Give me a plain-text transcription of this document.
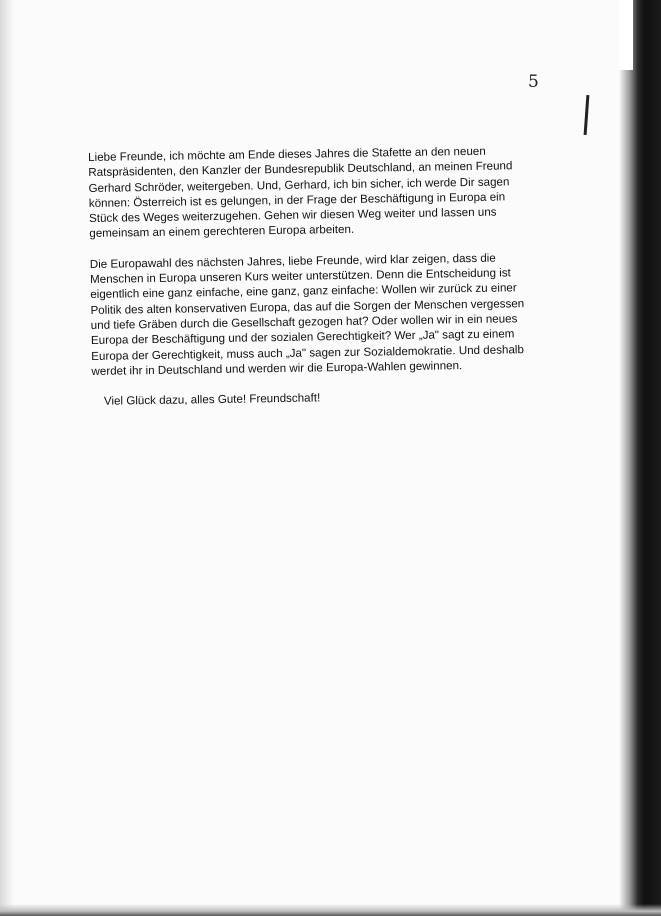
5

Liebe Freunde, ich möchte am Ende dieses Jahres die Stafette an den neuen
Ratspräsidenten, den Kanzler der Bundesrepublik Deutschland, an meinen Freund
Gerhard Schröder, weitergeben. Und, Gerhard, ich bin sicher, ich werde Dir sagen
können: Österreich ist es gelungen, in der Frage der Beschäftigung in Europa ein
Stück des Weges weiterzugehen. Gehen wir diesen Weg weiter und lassen uns
gemeinsam an einem gerechteren Europa arbeiten.

Die Europawahl des nächsten Jahres, liebe Freunde, wird klar zeigen, dass die
Menschen in Europa unseren Kurs weiter unterstützen. Denn die Entscheidung ist
eigentlich eine ganz einfache, eine ganz, ganz einfache: Wollen wir zurück zu einer
Politik des alten konservativen Europa, das auf die Sorgen der Menschen vergessen
und tiefe Gräben durch die Gesellschaft gezogen hat? Oder wollen wir in ein neues
Europa der Beschäftigung und der sozialen Gerechtigkeit? Wer „Ja" sagt zu einem
Europa der Gerechtigkeit, muss auch „Ja" sagen zur Sozialdemokratie. Und deshalb
werdet ihr in Deutschland und werden wir die Europa-Wahlen gewinnen.

Viel Glück dazu, alles Gute! Freundschaft!
